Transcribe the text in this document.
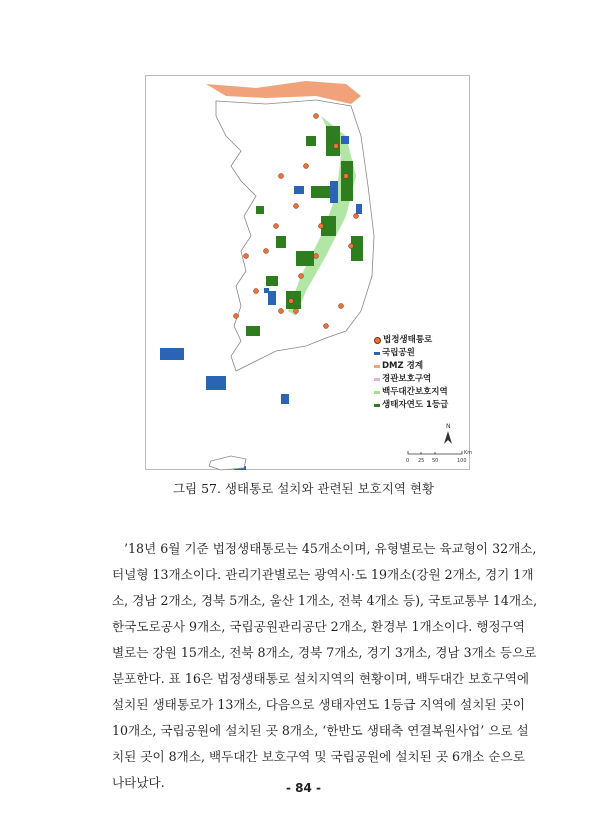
N
0 25 50	100
Km
법정생태통로
국립공원
DMZ 경계
경관보호구역
백두대간보호지역
생태자연도 1등급
그림 57. 생태통로 설치와 관련된 보호지역 현황
’18년 6월 기준 법정생태통로는 45개소이며, 유형별로는 육교형이 32개소,
터널형 13개소이다. 관리기관별로는 광역시·도 19개소(강원 2개소, 경기 1개
소, 경남 2개소, 경북 5개소, 울산 1개소, 전북 4개소 등), 국토교통부 14개소,
한국도로공사 9개소, 국립공원관리공단 2개소, 환경부 1개소이다. 행정구역
별로는 강원 15개소, 전북 8개소, 경북 7개소, 경기 3개소, 경남 3개소 등으로
분포한다. 표 16은 법정생태통로 설치지역의 현황이며, 백두대간 보호구역에
설치된 생태통로가 13개소, 다음으로 생태자연도 1등급 지역에 설치된 곳이
10개소, 국립공원에 설치된 곳 8개소, ‘한반도 생태축 연결복원사업’ 으로 설
치된 곳이 8개소, 백두대간 보호구역 및 국립공원에 설치된 곳 6개소 순으로
나타났다.	- 84 -
